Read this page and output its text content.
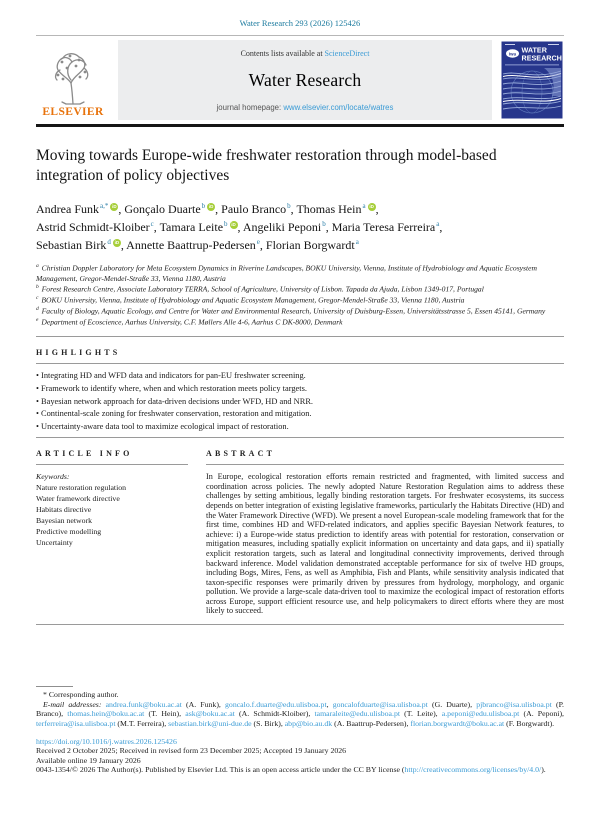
Water Research 293 (2026) 125426
ELSEVIER
Contents lists available at ScienceDirect
Water Research
journal homepage: www.elsevier.com/locate/watres
iwa WATER
RESEARCH
Moving towards Europe-wide freshwater restoration through model-based integration of policy objectives
Andrea Funk$^{a,*}$ iD , Gonçalo Duarte$^b$ iD , Paulo Branco$^b$, Thomas Hein$^a$ iD ,
Astrid Schmidt-Kloiber$^c$, Tamara Leite$^b$ iD , Angeliki Peponi$^b$, Maria Teresa Ferreira$^a$,
Sebastian Birk$^d$ iD , Annette Baattrup-Pedersen$^e$, Florian Borgwardt$^a$
$^a$ Christian Doppler Laboratory for Meta Ecosystem Dynamics in Riverine Landscapes, BOKU University, Vienna, Institute of Hydrobiology and Aquatic Ecosystem Management, Gregor-Mendel-Straße 33, Vienna 1180, Austria
$^b$ Forest Research Centre, Associate Laboratory TERRA, School of Agriculture, University of Lisbon. Tapada da Ajuda, Lisbon 1349-017, Portugal
$^c$ BOKU University, Vienna, Institute of Hydrobiology and Aquatic Ecosystem Management, Gregor-Mendel-Straße 33, Vienna 1180, Austria
$^d$ Faculty of Biology, Aquatic Ecology, and Centre for Water and Environmental Research, University of Duisburg-Essen, Universitätsstrasse 5, Essen 45141, Germany
$^e$ Department of Ecoscience, Aarhus University, C.F. Møllers Alle 4-6, Aarhus C DK-8000, Denmark
HIGHLIGHTS
• Integrating HD and WFD data and indicators for pan-EU freshwater screening.
• Framework to identify where, when and which restoration meets policy targets.
• Bayesian network approach for data-driven decisions under WFD, HD and NRR.
• Continental-scale zoning for freshwater conservation, restoration and mitigation.
• Uncertainty-aware data tool to maximize ecological impact of restoration.
ARTICLE INFO
Keywords:
Nature restoration regulation
Water framework directive
Habitats directive
Bayesian network
Predictive modelling
Uncertainty
ABSTRACT
In Europe, ecological restoration efforts remain restricted and fragmented, with limited success and coordination across policies. The newly adopted Nature Restoration Regulation aims to address these challenges by setting ambitious, legally binding restoration targets. For freshwater ecosystems, its success depends on better integration of existing legislative frameworks, particularly the Habitats Directive (HD) and the Water Framework Directive (WFD). We present a novel European-scale modeling framework that for the first time, combines HD and WFD-related indicators, and applies specific Bayesian Network features, to achieve: i) a Europe-wide status prediction to identify areas with potential for restoration, conservation or mitigation measures, including spatially explicit information on uncertainty and data gaps, and ii) spatially explicit restoration targets, such as lateral and longitudinal connectivity improvements, derived through backward inference. Model validation demonstrated acceptable performance for six of twelve HD groups, including Bogs, Mires, Fens, as well as Amphibia, Fish and Plants, while sensitivity analysis indicated that taxon-specific responses were primarily driven by pressures from hydrology, morphology, and organic pollution. We provide a large-scale data-driven tool to maximize the ecological impact of restoration efforts across Europe, support efficient resource use, and help policymakers to direct efforts where they are most likely to succeed.
* Corresponding author.
E-mail addresses: andrea.funk@boku.ac.at (A. Funk), goncalo.f.duarte@edu.ulisboa.pt, goncalofduarte@isa.ulisboa.pt (G. Duarte), pjbranco@isa.ulisboa.pt (P. Branco), thomas.hein@boku.ac.at (T. Hein), ask@boku.ac.at (A. Schmidt-Kloiber), tamaraleite@edu.ulisboa.pt (T. Leite), a.peponi@edu.ulisboa.pt (A. Peponi), terferreira@isa.ulisboa.pt (M.T. Ferreira), sebastian.birk@uni-due.de (S. Birk), abp@bio.au.dk (A. Baattrup-Pedersen), florian.borgwardt@boku.ac.at (F. Borgwardt).
https://doi.org/10.1016/j.watres.2026.125426
Received 2 October 2025; Received in revised form 23 December 2025; Accepted 19 January 2026
Available online 19 January 2026
0043-1354/© 2026 The Author(s). Published by Elsevier Ltd. This is an open access article under the CC BY license (http://creativecommons.org/licenses/by/4.0/).
